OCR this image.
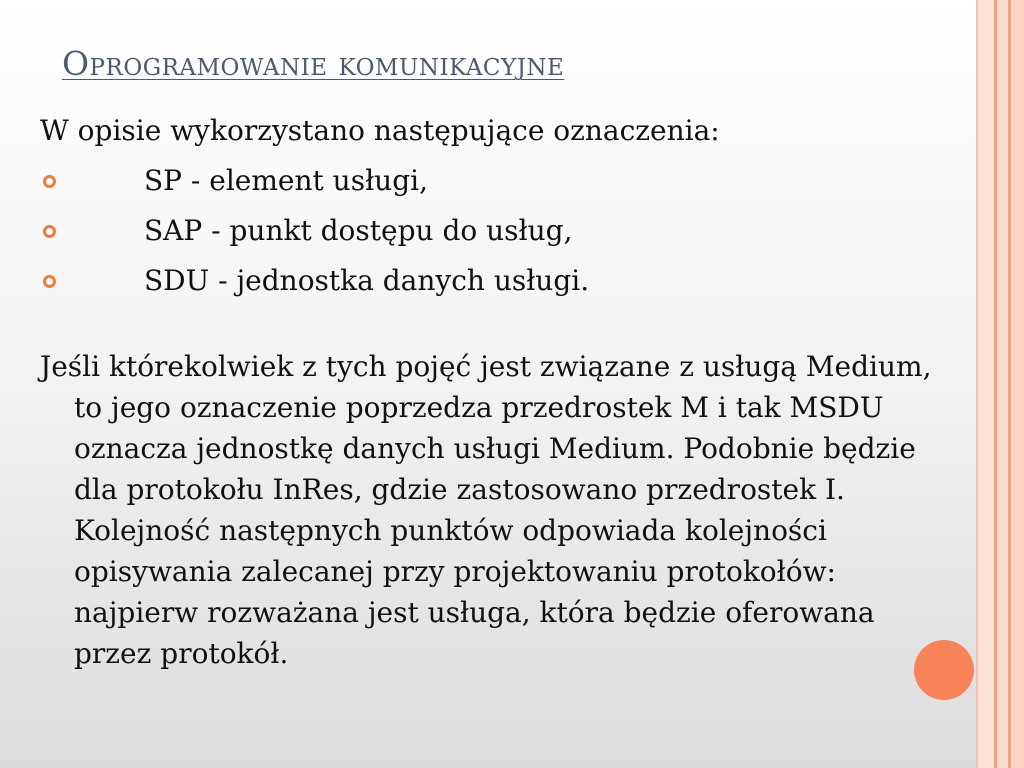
Oprogramowanie komunikacyjne

W opisie wykorzystano następujące oznaczenia:

SP - element usługi,
SAP - punkt dostępu do usług,
SDU - jednostka danych usługi.

Jeśli którekolwiek z tych pojęć jest związane z usługą Medium, to jego oznaczenie poprzedza przedrostek M i tak MSDU oznacza jednostkę danych usługi Medium. Podobnie będzie dla protokołu InRes, gdzie zastosowano przedrostek I. Kolejność następnych punktów odpowiada kolejności opisywania zalecanej przy projektowaniu protokołów: najpierw rozważana jest usługa, która będzie oferowana przez protokół.
